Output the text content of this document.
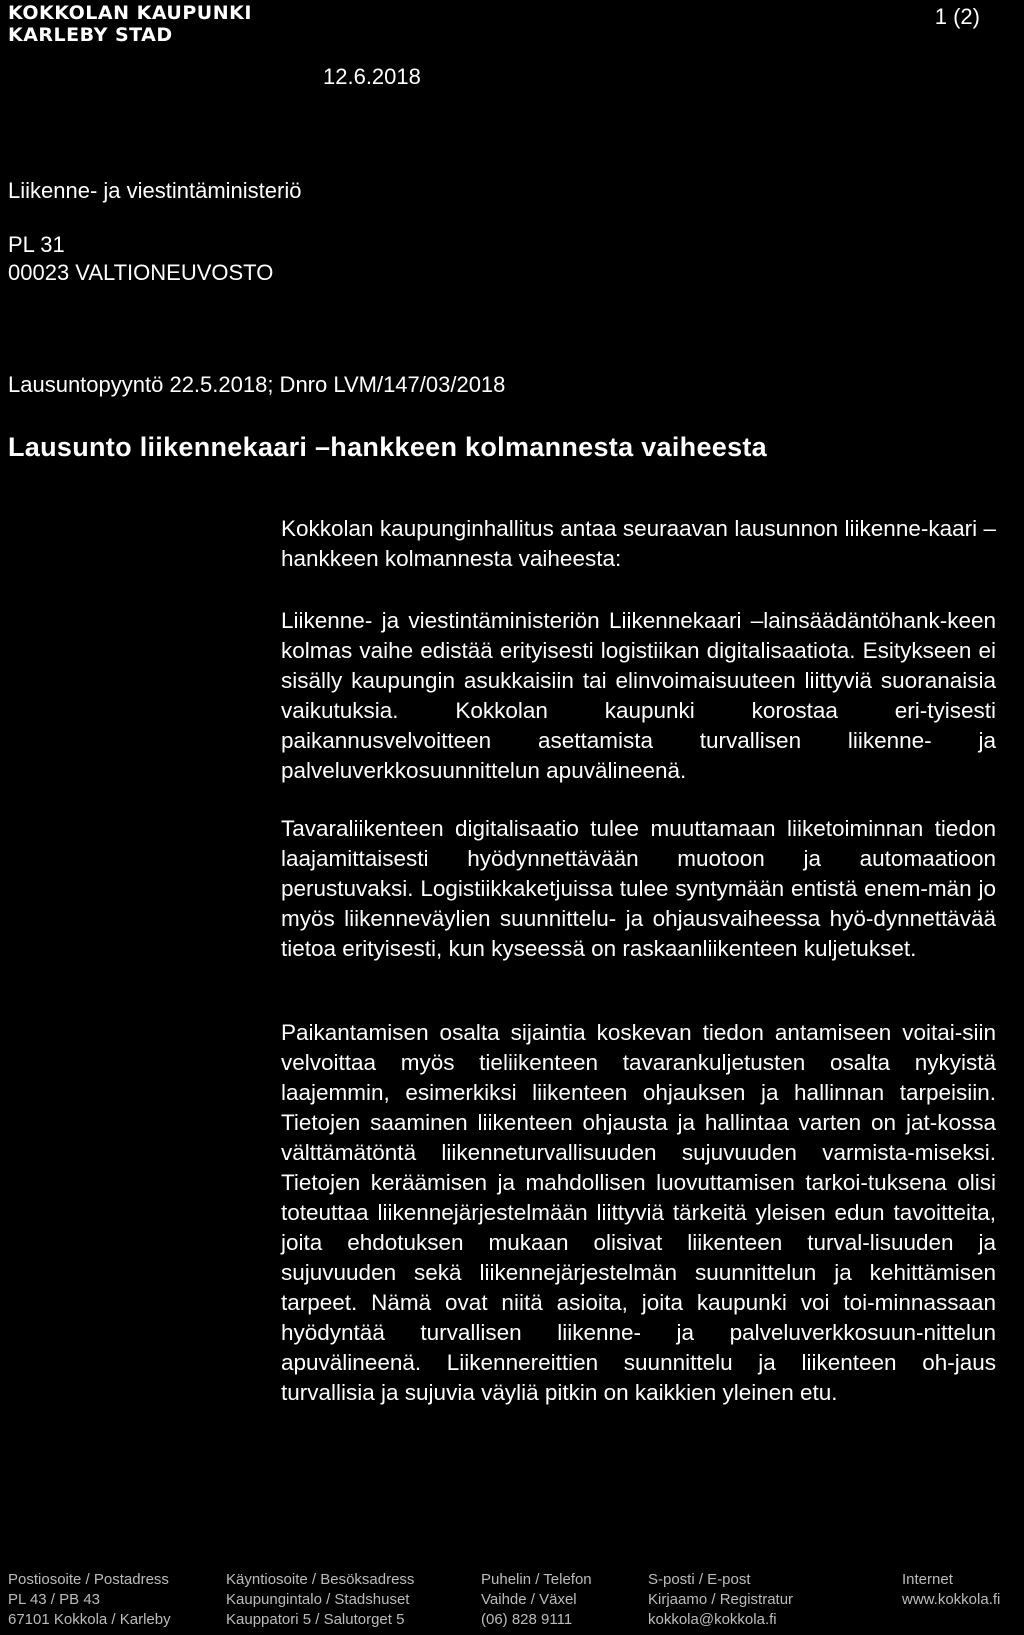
KOKKOLAN KAUPUNKI
KARLEBY STAD
1 (2)
12.6.2018
Liikenne- ja viestintäministeriö
PL 31
00023 VALTIONEUVOSTO
Lausuntopyyntö 22.5.2018; Dnro LVM/147/03/2018
Lausunto liikennekaari –hankkeen kolmannesta vaiheesta

Kokkolan kaupunginhallitus antaa seuraavan lausunnon liikenne-kaari –hankkeen kolmannesta vaiheesta:

Liikenne- ja viestintäministeriön Liikennekaari –lainsäädäntöhank-keen kolmas vaihe edistää erityisesti logistiikan digitalisaatiota. Esitykseen ei sisälly kaupungin asukkaisiin tai elinvoimaisuuteen liittyviä suoranaisia vaikutuksia. Kokkolan kaupunki korostaa eri-tyisesti paikannusvelvoitteen asettamista turvallisen liikenne- ja palveluverkkosuunnittelun apuvälineenä.

Tavaraliikenteen digitalisaatio tulee muuttamaan liiketoiminnan tiedon laajamittaisesti hyödynnettävään muotoon ja automaatioon perustuvaksi. Logistiikkaketjuissa tulee syntymään entistä enem-män jo myös liikenneväylien suunnittelu- ja ohjausvaiheessa hyö-dynnettävää tietoa erityisesti, kun kyseessä on raskaanliikenteen kuljetukset.

Paikantamisen osalta sijaintia koskevan tiedon antamiseen voitai-siin velvoittaa myös tieliikenteen tavarankuljetusten osalta nykyistä laajemmin, esimerkiksi liikenteen ohjauksen ja hallinnan tarpeisiin. Tietojen saaminen liikenteen ohjausta ja hallintaa varten on jat-kossa välttämätöntä liikenneturvallisuuden sujuvuuden varmista-miseksi. Tietojen keräämisen ja mahdollisen luovuttamisen tarkoi-tuksena olisi toteuttaa liikennejärjestelmään liittyviä tärkeitä yleisen edun tavoitteita, joita ehdotuksen mukaan olisivat liikenteen turval-lisuuden ja sujuvuuden sekä liikennejärjestelmän suunnittelun ja kehittämisen tarpeet. Nämä ovat niitä asioita, joita kaupunki voi toi-minnassaan hyödyntää turvallisen liikenne- ja palveluverkkosuun-nittelun apuvälineenä. Liikennereittien suunnittelu ja liikenteen oh-jaus turvallisia ja sujuvia väyliä pitkin on kaikkien yleinen etu.

Postiosoite / Postadress
PL 43 / PB 43
67101 Kokkola / Karleby
Käyntiosoite / Besöksadress
Kaupungintalo / Stadshuset
Kauppatori 5 / Salutorget 5
Puhelin / Telefon
Vaihde / Växel
(06) 828 9111
S-posti / E-post
Kirjaamo / Registratur
kokkola@kokkola.fi
Internet
www.kokkola.fi
